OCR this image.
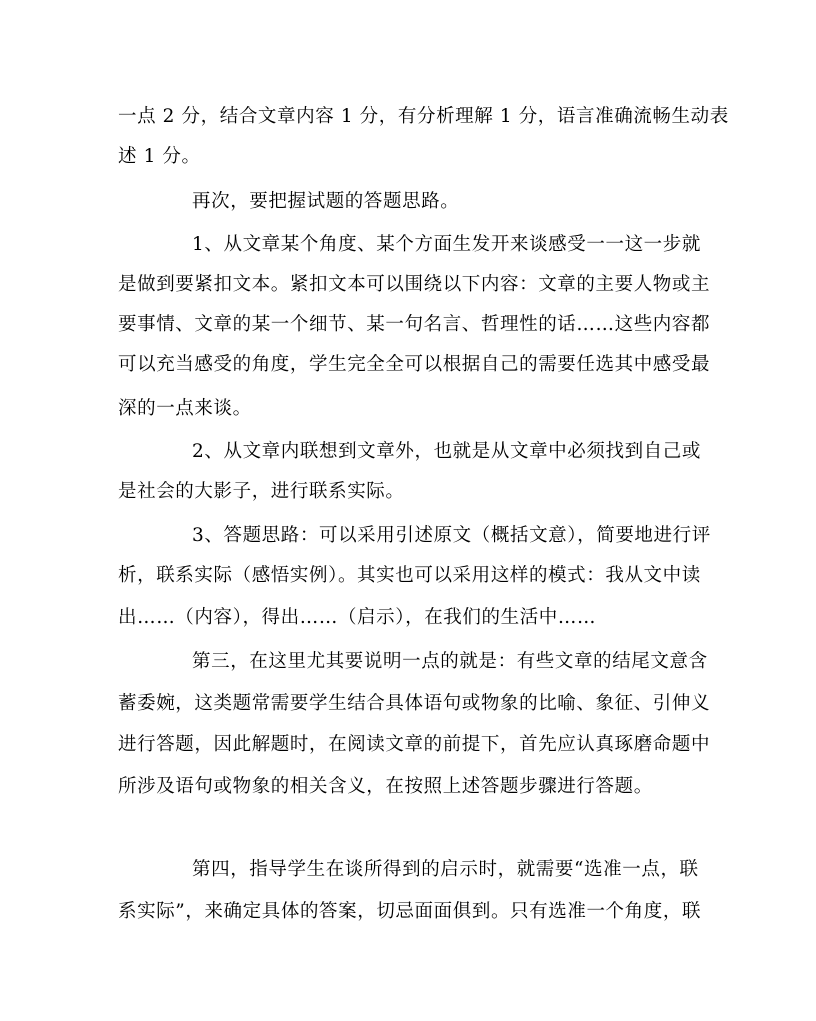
一点 2 分，结合文章内容 1 分，有分析理解 1 分，语言准确流畅生动表
述 1 分。
再次，要把握试题的答题思路。
1、从文章某个角度、某个方面生发开来谈感受一一这一步就
是做到要紧扣文本。紧扣文本可以围绕以下内容：文章的主要人物或主
要事情、文章的某一个细节、某一句名言、哲理性的话……这些内容都
可以充当感受的角度，学生完全全可以根据自己的需要任选其中感受最
深的一点来谈。
2、从文章内联想到文章外，也就是从文章中必须找到自己或
是社会的大影子，进行联系实际。
3、答题思路：可以采用引述原文（概括文意），简要地进行评
析，联系实际（感悟实例）。其实也可以采用这样的模式：我从文中读
出……（内容），得出……（启示），在我们的生活中……
第三，在这里尤其要说明一点的就是：有些文章的结尾文意含
蓄委婉，这类题常需要学生结合具体语句或物象的比喻、象征、引伸义
进行答题，因此解题时，在阅读文章的前提下，首先应认真琢磨命题中
所涉及语句或物象的相关含义，在按照上述答题步骤进行答题。
第四，指导学生在谈所得到的启示时，就需要“选准一点，联
系实际”，来确定具体的答案，切忌面面俱到。只有选准一个角度，联
